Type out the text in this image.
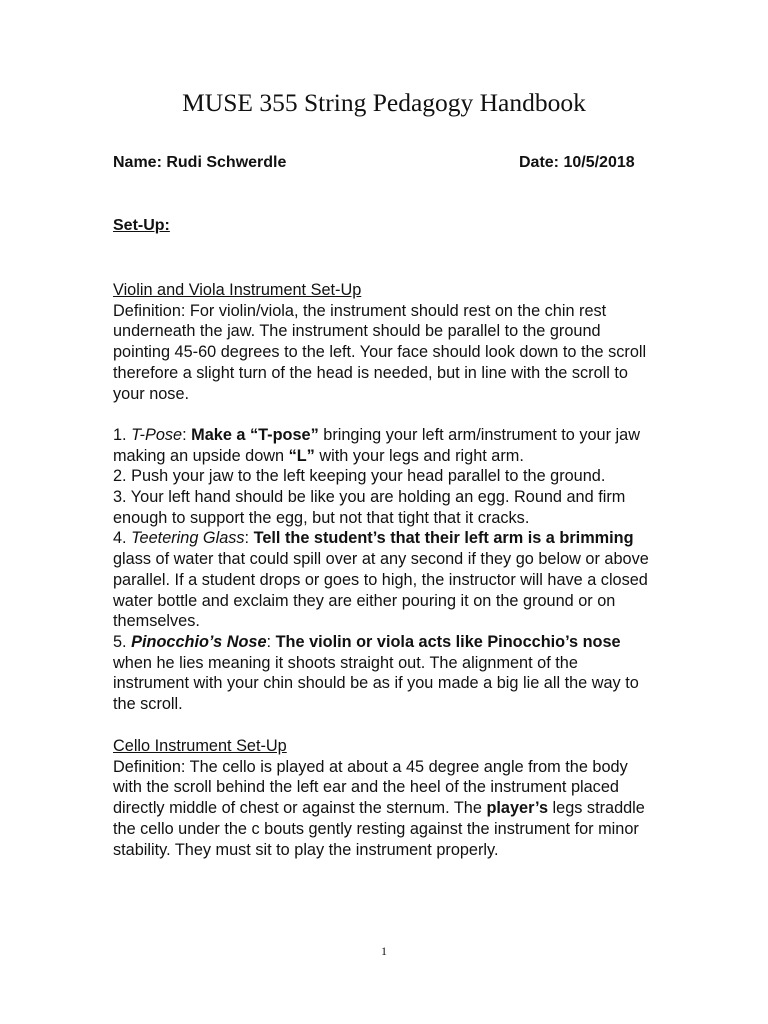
MUSE 355 String Pedagogy Handbook
Name: Rudi Schwerdle	Date: 10/5/2018
Set-Up:

Violin and Viola Instrument Set-Up

Definition: For violin/viola, the instrument should rest on the chin rest underneath the jaw. The instrument should be parallel to the ground pointing 45-60 degrees to the left. Your face should look down to the scroll therefore a slight turn of the head is needed, but in line with the scroll to your nose.

1. T-Pose: Make a “T-pose” bringing your left arm/instrument to your jaw making an upside down “L” with your legs and right arm.

2. Push your jaw to the left keeping your head parallel to the ground.

3. Your left hand should be like you are holding an egg. Round and firm enough to support the egg, but not that tight that it cracks.

4. Teetering Glass: Tell the student’s that their left arm is a brimming glass of water that could spill over at any second if they go below or above parallel. If a student drops or goes to high, the instructor will have a closed water bottle and exclaim they are either pouring it on the ground or on themselves.

5. Pinocchio’s Nose: The violin or viola acts like Pinocchio’s nose when he lies meaning it shoots straight out. The alignment of the instrument with your chin should be as if you made a big lie all the way to the scroll.

Cello Instrument Set-Up

Definition: The cello is played at about a 45 degree angle from the body with the scroll behind the left ear and the heel of the instrument placed directly middle of chest or against the sternum. The player’s legs straddle the cello under the c bouts gently resting against the instrument for minor stability. They must sit to play the instrument properly.

1
